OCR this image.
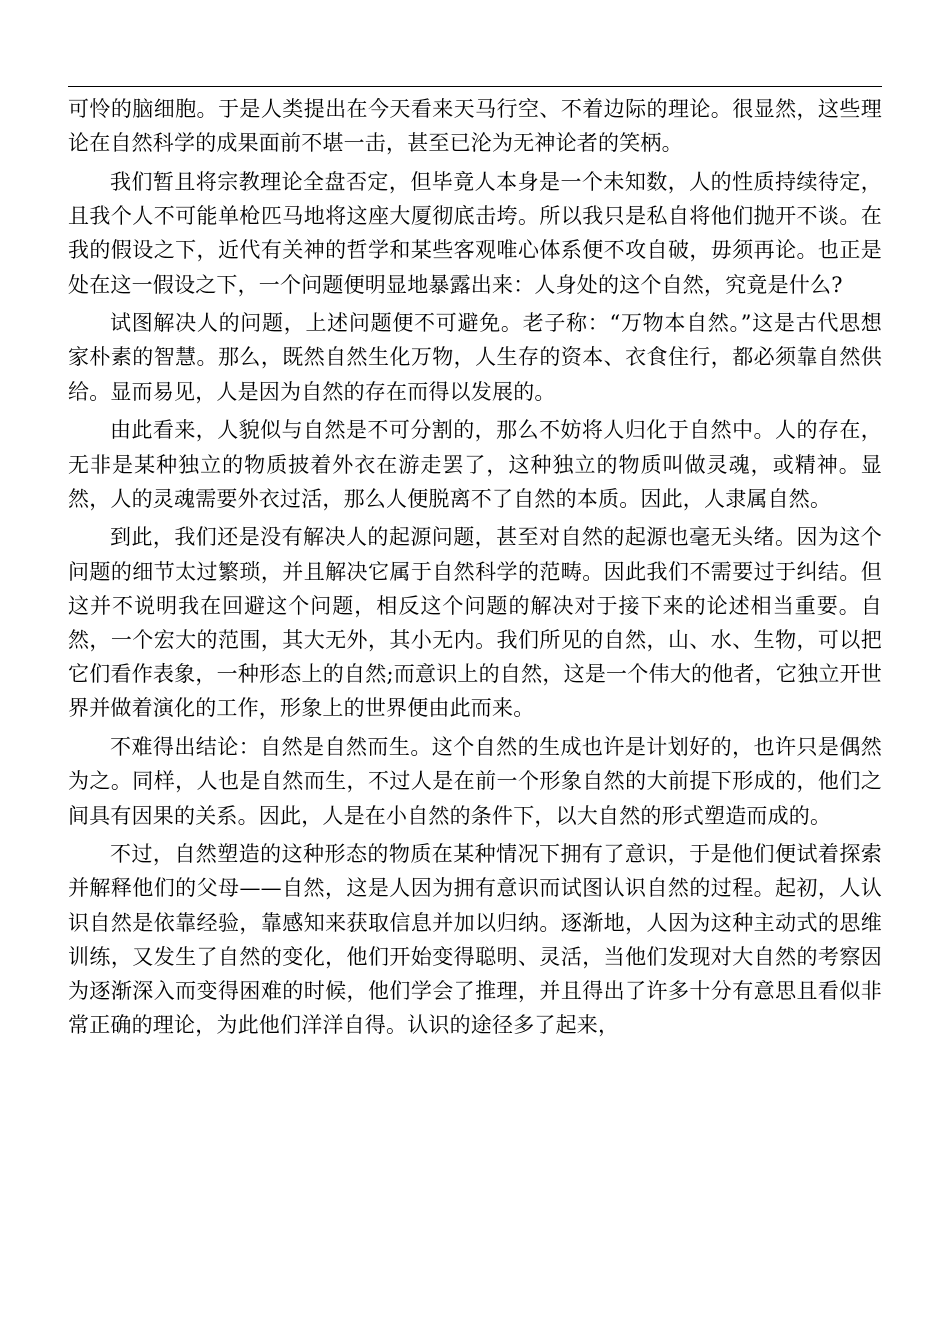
可怜的脑细胞。于是人类提出在今天看来天马行空、不着边际的理论。很显然，这些理论在自然科学的成果面前不堪一击，甚至已沦为无神论者的笑柄。

我们暂且将宗教理论全盘否定，但毕竟人本身是一个未知数，人的性质持续待定，且我个人不可能单枪匹马地将这座大厦彻底击垮。所以我只是私自将他们抛开不谈。在我的假设之下，近代有关神的哲学和某些客观唯心体系便不攻自破，毋须再论。也正是处在这一假设之下，一个问题便明显地暴露出来：人身处的这个自然，究竟是什么?

试图解决人的问题，上述问题便不可避免。老子称：“万物本自然。”这是古代思想家朴素的智慧。那么，既然自然生化万物，人生存的资本、衣食住行，都必须靠自然供给。显而易见，人是因为自然的存在而得以发展的。

由此看来，人貌似与自然是不可分割的，那么不妨将人归化于自然中。人的存在，无非是某种独立的物质披着外衣在游走罢了，这种独立的物质叫做灵魂，或精神。显然，人的灵魂需要外衣过活，那么人便脱离不了自然的本质。因此，人隶属自然。

到此，我们还是没有解决人的起源问题，甚至对自然的起源也毫无头绪。因为这个问题的细节太过繁琐，并且解决它属于自然科学的范畴。因此我们不需要过于纠结。但这并不说明我在回避这个问题，相反这个问题的解决对于接下来的论述相当重要。自然，一个宏大的范围，其大无外，其小无内。我们所见的自然，山、水、生物，可以把它们看作表象，一种形态上的自然;而意识上的自然，这是一个伟大的他者，它独立开世界并做着演化的工作，形象上的世界便由此而来。

不难得出结论：自然是自然而生。这个自然的生成也许是计划好的，也许只是偶然为之。同样，人也是自然而生，不过人是在前一个形象自然的大前提下形成的，他们之间具有因果的关系。因此，人是在小自然的条件下，以大自然的形式塑造而成的。

不过，自然塑造的这种形态的物质在某种情况下拥有了意识，于是他们便试着探索并解释他们的父母——自然，这是人因为拥有意识而试图认识自然的过程。起初，人认识自然是依靠经验，靠感知来获取信息并加以归纳。逐渐地，人因为这种主动式的思维训练，又发生了自然的变化，他们开始变得聪明、灵活，当他们发现对大自然的考察因为逐渐深入而变得困难的时候，他们学会了推理，并且得出了许多十分有意思且看似非常正确的理论，为此他们洋洋自得。认识的途径多了起来，
